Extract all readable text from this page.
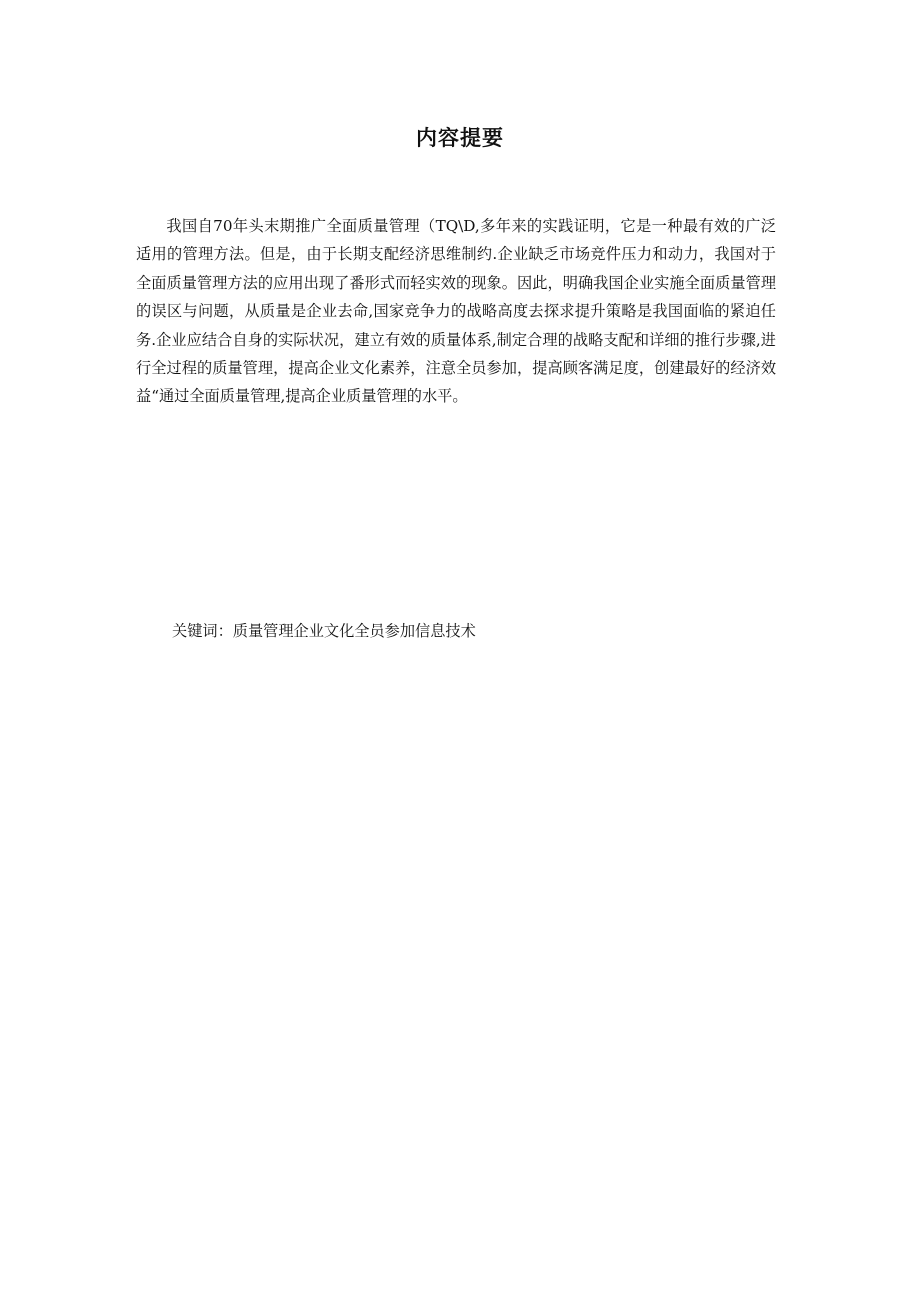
内容提要

我国自70年头末期推广全面质量管理（TQ\D,多年来的实践证明，它是一种最有效的广泛适用的管理方法。但是，由于长期支配经济思维制约.企业缺乏市场竞件压力和动力，我国对于全面质量管理方法的应用出现了番形式而轻实效的现象。因此，明确我国企业实施全面质量管理的误区与问题，从质量是企业去命,国家竞争力的战略高度去探求提升策略是我国面临的紧迫任务.企业应结合自身的实际状况，建立有效的质量体系,制定合理的战略支配和详细的推行步骤,进行全过程的质量管理，提高企业文化素养，注意全员参加，提高顾客满足度，创建最好的经济效益“通过全面质量管理,提高企业质量管理的水平。

关键词：质量管理企业文化全员参加信息技术
